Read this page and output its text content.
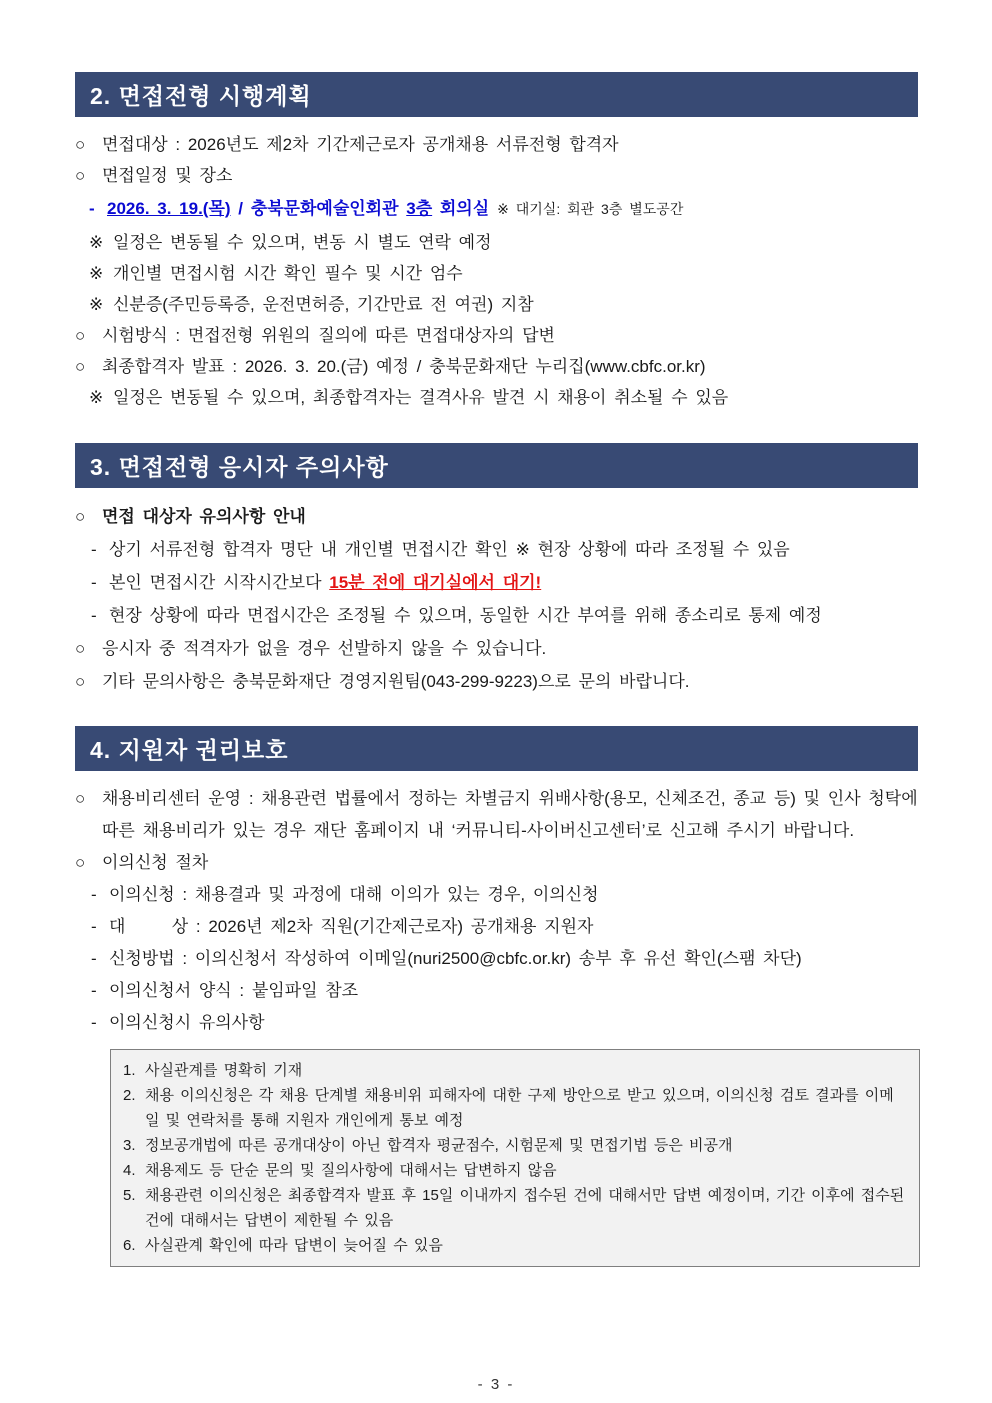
2. 면접전형 시행계획
○ 면접대상 : 2026년도 제2차 기간제근로자 공개채용 서류전형 합격자
○ 면접일정 및 장소
- 2026. 3. 19.(목) / 충북문화예술인회관 3층 회의실 ※ 대기실: 회관 3층 별도공간
※ 일정은 변동될 수 있으며, 변동 시 별도 연락 예정
※ 개인별 면접시험 시간 확인 필수 및 시간 엄수
※ 신분증(주민등록증, 운전면허증, 기간만료 전 여권) 지참
○ 시험방식 : 면접전형 위원의 질의에 따른 면접대상자의 답변
○ 최종합격자 발표 : 2026. 3. 20.(금) 예정 / 충북문화재단 누리집(www.cbfc.or.kr)
※ 일정은 변동될 수 있으며, 최종합격자는 결격사유 발견 시 채용이 취소될 수 있음
3. 면접전형 응시자 주의사항
○ 면접 대상자 유의사항 안내
- 상기 서류전형 합격자 명단 내 개인별 면접시간 확인 ※ 현장 상황에 따라 조정될 수 있음
- 본인 면접시간 시작시간보다 15분 전에 대기실에서 대기!
- 현장 상황에 따라 면접시간은 조정될 수 있으며, 동일한 시간 부여를 위해 종소리로 통제 예정
○ 응시자 중 적격자가 없을 경우 선발하지 않을 수 있습니다.
○ 기타 문의사항은 충북문화재단 경영지원팀(043-299-9223)으로 문의 바랍니다.
4. 지원자 권리보호
○ 채용비리센터 운영 : 채용관련 법률에서 정하는 차별금지 위배사항(용모, 신체조건, 종교 등) 및 인사 청탁에 따른 채용비리가 있는 경우 재단 홈페이지 내 ‘커뮤니티-사이버신고센터’로 신고해 주시기 바랍니다.
○ 이의신청 절차
- 이의신청 : 채용결과 및 과정에 대해 이의가 있는 경우, 이의신청
- 대      상 : 2026년 제2차 직원(기간제근로자) 공개채용 지원자
- 신청방법 : 이의신청서 작성하여 이메일(nuri2500@cbfc.or.kr) 송부 후 유선 확인(스팸 차단)
- 이의신청서 양식 : 붙임파일 참조
- 이의신청시 유의사항
1. 사실관계를 명확히 기재
2. 채용 이의신청은 각 채용 단계별 채용비위 피해자에 대한 구제 방안으로 받고 있으며, 이의신청 검토 결과를 이메일 및 연락처를 통해 지원자 개인에게 통보 예정
3. 정보공개법에 따른 공개대상이 아닌 합격자 평균점수, 시험문제 및 면접기법 등은 비공개
4. 채용제도 등 단순 문의 및 질의사항에 대해서는 답변하지 않음
5. 채용관련 이의신청은 최종합격자 발표 후 15일 이내까지 접수된 건에 대해서만 답변 예정이며, 기간 이후에 접수된 건에 대해서는 답변이 제한될 수 있음
6. 사실관계 확인에 따라 답변이 늦어질 수 있음
- 3 -
